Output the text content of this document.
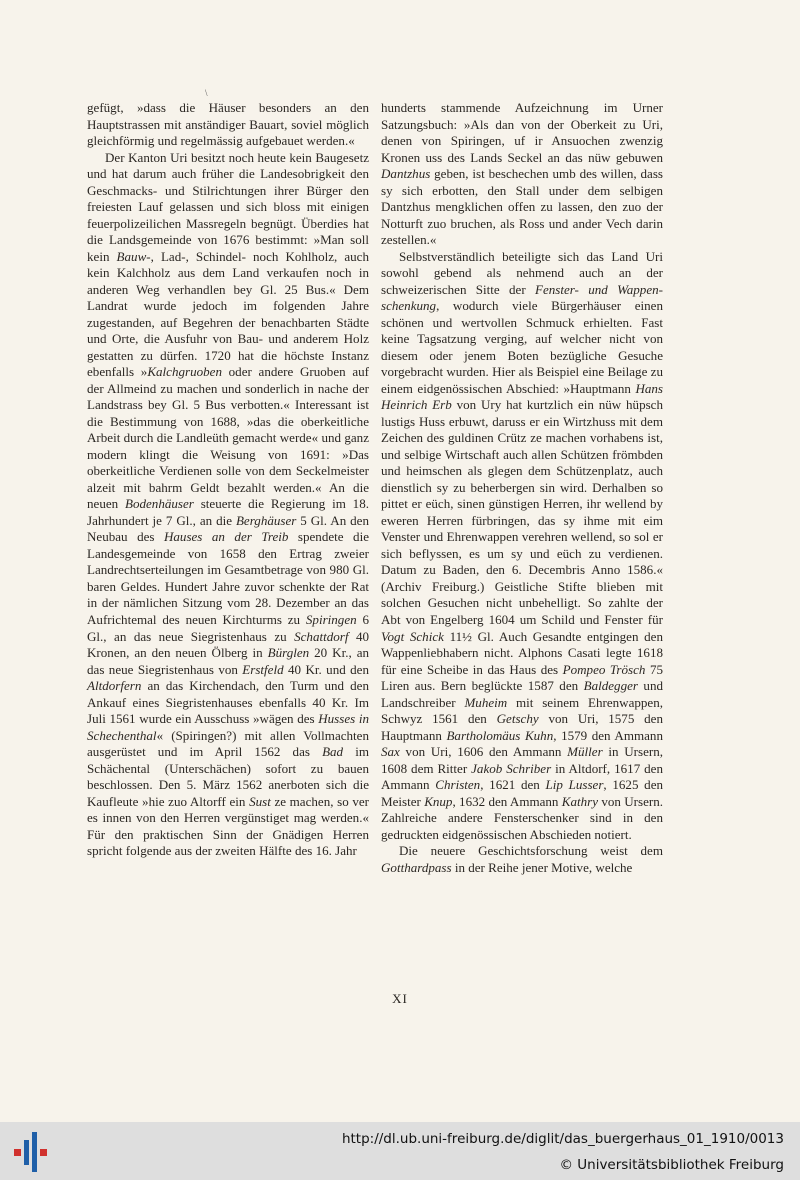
\

gefügt, »dass die Häuser besonders an den Hauptstrassen mit anständiger Bauart, soviel möglich gleichförmig und regelmässig aufgebauet werden.«

Der Kanton Uri besitzt noch heute kein Baugesetz und hat darum auch früher die Landesobrigkeit den Geschmacks- und Stilrichtungen ihrer Bürger den freiesten Lauf gelassen und sich bloss mit einigen feuerpolizeilichen Massregeln begnügt. Überdies hat die Landsgemeinde von 1676 bestimmt: »Man soll kein Bauw-, Lad-, Schindel- noch Kohlholz, auch kein Kalchholz aus dem Land verkaufen noch in anderen Weg verhandlen bey Gl. 25 Bus.« Dem Landrat wurde jedoch im folgenden Jahre zugestanden, auf Begehren der benachbarten Städte und Orte, die Ausfuhr von Bau- und anderem Holz gestatten zu dürfen. 1720 hat die höchste Instanz ebenfalls »Kalchgruoben oder andere Gruoben auf der Allmeind zu machen und sonderlich in nache der Landstrass bey Gl. 5 Bus verbotten.« Interessant ist die Bestimmung von 1688, »das die oberkeitliche Arbeit durch die Landleüth gemacht werde« und ganz modern klingt die Weisung von 1691: »Das oberkeitliche Verdienen solle von dem Seckelmeister alzeit mit bahrm Geldt bezahlt werden.« An die neuen Bodenhäuser steuerte die Regierung im 18. Jahrhundert je 7 Gl., an die Berghäuser 5 Gl. An den Neubau des Hauses an der Treib spendete die Landesgemeinde von 1658 den Ertrag zweier Landrechtserteilungen im Gesamtbetrage von 980 Gl. baren Geldes. Hundert Jahre zuvor schenkte der Rat in der nämlichen Sitzung vom 28. Dezember an das Aufrichtemal des neuen Kirchturms zu Spiringen 6 Gl., an das neue Siegristenhaus zu Schattdorf 40 Kronen, an den neuen Ölberg in Bürglen 20 Kr., an das neue Siegristenhaus von Erstfeld 40 Kr. und den Altdorfern an das Kirchendach, den Turm und den Ankauf eines Siegristenhauses ebenfalls 40 Kr. Im Juli 1561 wurde ein Ausschuss »wägen des Husses in Schechenthal« (Spiringen?) mit allen Vollmachten ausgerüstet und im April 1562 das Bad im Schächental (Unterschächen) sofort zu bauen beschlossen. Den 5. März 1562 anerboten sich die Kaufleute »hie zuo Altorff ein Sust ze machen, so ver es innen von den Herren vergünstiget mag werden.« Für den praktischen Sinn der Gnädigen Herren spricht folgende aus der zweiten Hälfte des 16. Jahr

hunderts stammende Aufzeichnung im Urner Satzungsbuch: »Als dan von der Oberkeit zu Uri, denen von Spiringen, uf ir Ansuochen zwenzig Kronen uss des Lands Seckel an das nüw gebuwen Dantzhus geben, ist beschechen umb des willen, dass sy sich erbotten, den Stall under dem selbigen Dantzhus mengklichen offen zu lassen, den zuo der Notturft zuo bruchen, als Ross und ander Vech darin zestellen.«

Selbstverständlich beteiligte sich das Land Uri sowohl gebend als nehmend auch an der schweizerischen Sitte der Fenster- und Wappenschenkung, wodurch viele Bürgerhäuser einen schönen und wertvollen Schmuck erhielten. Fast keine Tagsatzung verging, auf welcher nicht von diesem oder jenem Boten bezügliche Gesuche vorgebracht wurden. Hier als Beispiel eine Beilage zu einem eidgenössischen Abschied: »Hauptmann Hans Heinrich Erb von Ury hat kurtzlich ein nüw hüpsch lustigs Huss erbuwt, daruss er ein Wirtzhuss mit dem Zeichen des guldinen Crütz ze machen vorhabens ist, und selbige Wirtschaft auch allen Schützen frömbden und heimschen als glegen dem Schützenplatz, auch dienstlich sy zu beherbergen sin wird. Derhalben so pittet er eüch, sinen günstigen Herren, ihr wellend by eweren Herren fürbringen, das sy ihme mit eim Venster und Ehrenwappen verehren wellend, so sol er sich beflyssen, es um sy und eüch zu verdienen. Datum zu Baden, den 6. Decembris Anno 1586.« (Archiv Freiburg.) Geistliche Stifte blieben mit solchen Gesuchen nicht unbehelligt. So zahlte der Abt von Engelberg 1604 um Schild und Fenster für Vogt Schick 11½ Gl. Auch Gesandte entgingen den Wappenliebhabern nicht. Alphons Casati legte 1618 für eine Scheibe in das Haus des Pompeo Trösch 75 Liren aus. Bern beglückte 1587 den Baldegger und Landschreiber Muheim mit seinem Ehrenwappen, Schwyz 1561 den Getschy von Uri, 1575 den Hauptmann Bartholomäus Kuhn, 1579 den Ammann Sax von Uri, 1606 den Ammann Müller in Ursern, 1608 dem Ritter Jakob Schriber in Altdorf, 1617 den Ammann Christen, 1621 den Lip Lusser, 1625 den Meister Knup, 1632 den Ammann Kathry von Ursern. Zahlreiche andere Fensterschenker sind in den gedruckten eidgenössischen Abschieden notiert.

Die neuere Geschichtsforschung weist dem Gotthardpass in der Reihe jener Motive, welche

XI
http://dl.ub.uni-freiburg.de/diglit/das_buergerhaus_01_1910/0013
© Universitätsbibliothek Freiburg
